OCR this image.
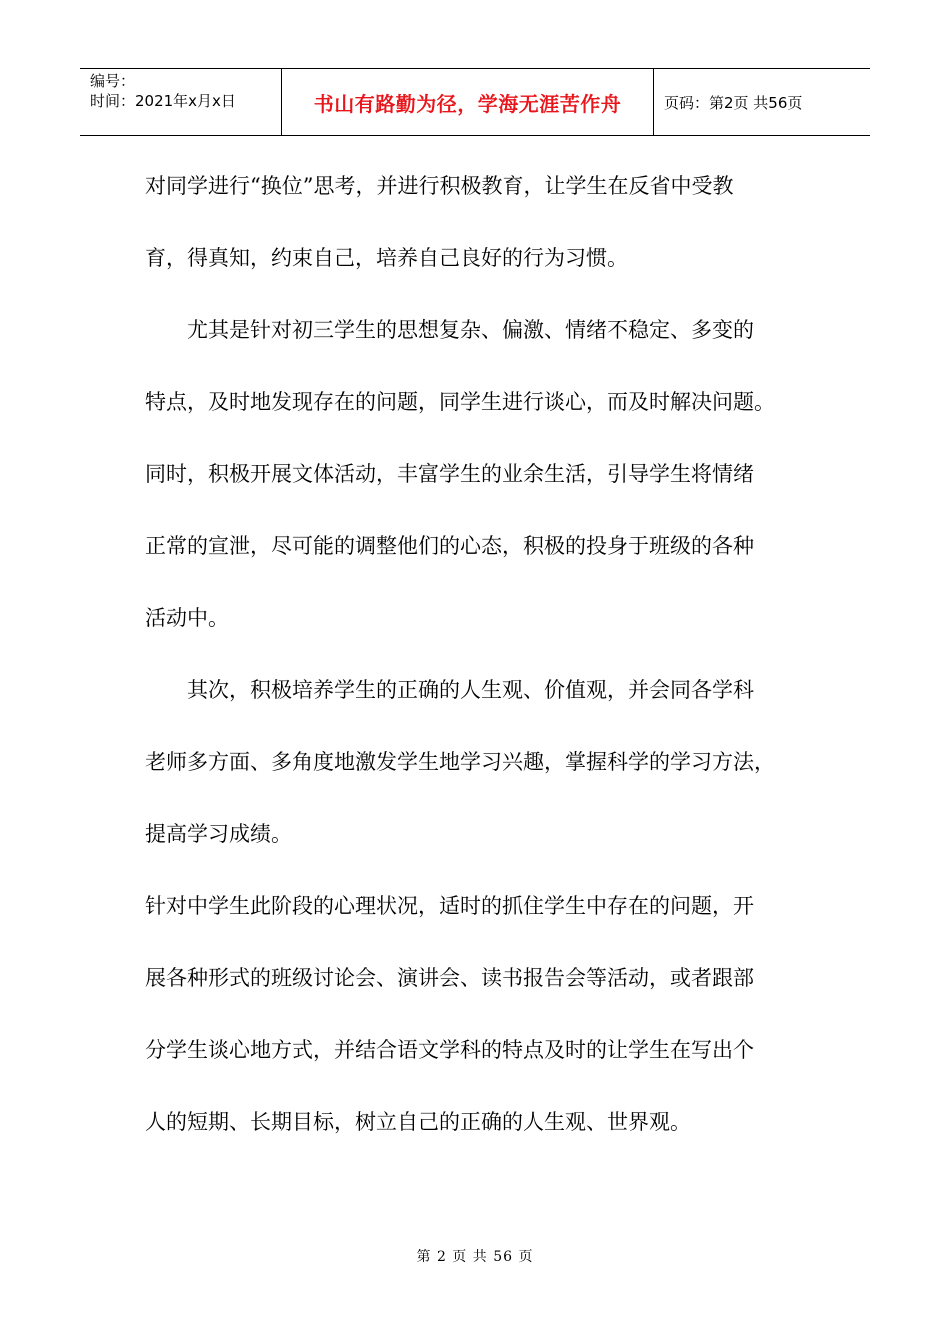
编号：
时间：2021年x月x日	书山有路勤为径，学海无涯苦作舟	页码：第2页 共56页
对同学进行“换位”思考，并进行积极教育，让学生在反省中受教
育，得真知，约束自己，培养自己良好的行为习惯。
尤其是针对初三学生的思想复杂、偏激、情绪不稳定、多变的
特点，及时地发现存在的问题，同学生进行谈心，而及时解决问题。
同时，积极开展文体活动，丰富学生的业余生活，引导学生将情绪
正常的宣泄，尽可能的调整他们的心态，积极的投身于班级的各种
活动中。
其次，积极培养学生的正确的人生观、价值观，并会同各学科
老师多方面、多角度地激发学生地学习兴趣，掌握科学的学习方法，
提高学习成绩。
针对中学生此阶段的心理状况，适时的抓住学生中存在的问题，开
展各种形式的班级讨论会、演讲会、读书报告会等活动，或者跟部
分学生谈心地方式，并结合语文学科的特点及时的让学生在写出个
人的短期、长期目标，树立自己的正确的人生观、世界观。
第 2 页 共 56 页
